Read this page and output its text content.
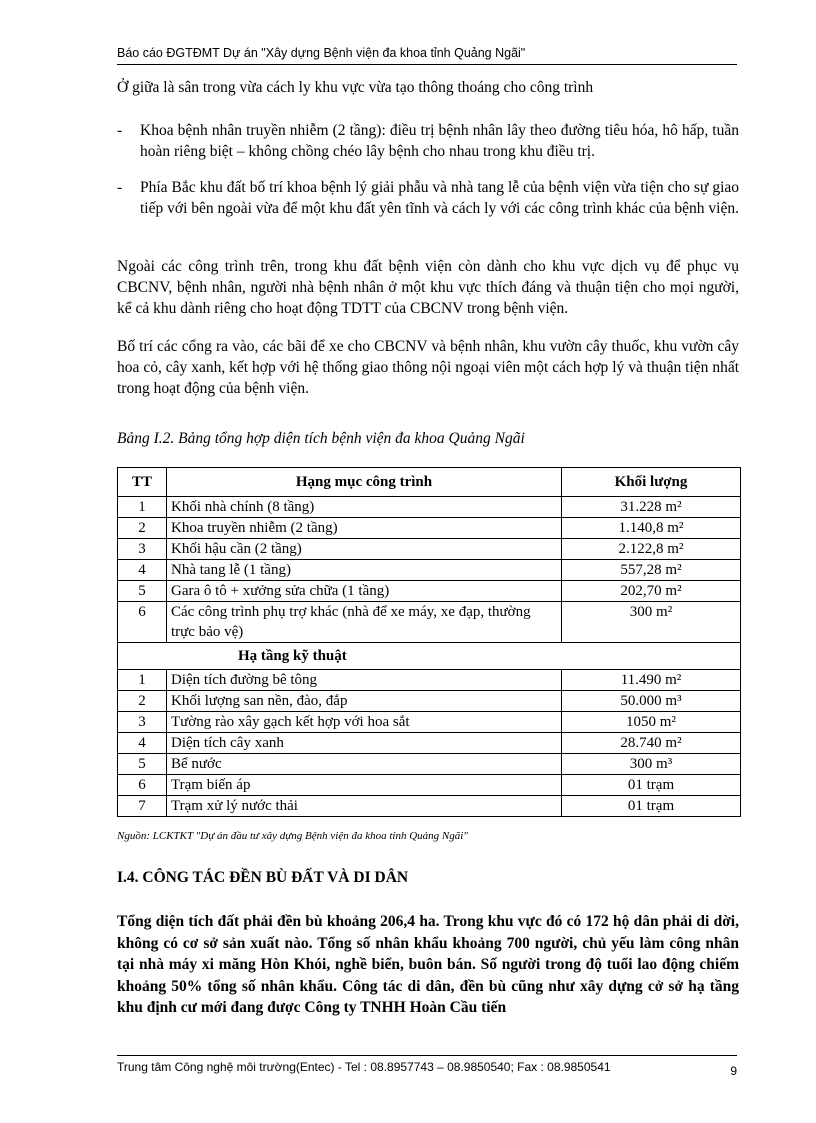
Báo cáo ĐGTĐMT Dự án "Xây dựng Bệnh viện đa khoa tỉnh Quảng Ngãi"
Ở giữa là sân trong vừa cách ly khu vực vừa tạo thông thoáng cho công trình
- Khoa bệnh nhân truyền nhiễm (2 tầng): điều trị bệnh nhân lây theo đường tiêu hóa, hô hấp, tuần hoàn riêng biệt – không chồng chéo lây bệnh cho nhau trong khu điều trị.
- Phía Bắc khu đất bố trí khoa bệnh lý giải phẫu và nhà tang lễ của bệnh viện vừa tiện cho sự giao tiếp với bên ngoài vừa để một khu đất yên tĩnh và cách ly với các công trình khác của bệnh viện.
Ngoài các công trình trên, trong khu đất bệnh viện còn dành cho khu vực dịch vụ để phục vụ CBCNV, bệnh nhân, người nhà bệnh nhân ở một khu vực thích đáng và thuận tiện cho mọi người, kể cả khu dành riêng cho hoạt động TDTT của CBCNV trong bệnh viện.
Bố trí các cổng ra vào, các bãi để xe cho CBCNV và bệnh nhân, khu vườn cây thuốc, khu vườn cây hoa cỏ, cây xanh, kết hợp với hệ thống giao thông nội ngoại viên một cách hợp lý và thuận tiện nhất trong hoạt động của bệnh viện.
Bảng I.2. Bảng tổng hợp diện tích bệnh viện đa khoa Quảng Ngãi
TT	Hạng mục công trình	Khối lượng
1	Khối nhà chính (8 tầng)	31.228 m²
2	Khoa truyền nhiễm (2 tầng)	1.140,8 m²
3	Khối hậu cần (2 tầng)	2.122,8 m²
4	Nhà tang lễ (1 tầng)	557,28 m²
5	Gara ô tô + xưởng sửa chữa (1 tầng)	202,70 m²
6	Các công trình phụ trợ khác (nhà để xe máy, xe đạp, thường trực bảo vệ)	300 m²
Hạ tầng kỹ thuật		
1	Diện tích đường bê tông	11.490 m²
2	Khối lượng san nền, đào, đắp	50.000 m³
3	Tường rào xây gạch kết hợp với hoa sắt	1050 m²
4	Diện tích cây xanh	28.740 m²
5	Bể nước	300 m³
6	Trạm biến áp	01 trạm
7	Trạm xử lý nước thải	01 trạm
Nguồn: LCKTKT "Dự án đầu tư xây dựng Bệnh viện đa khoa tỉnh Quảng Ngãi"
I.4. CÔNG TÁC ĐỀN BÙ ĐẤT VÀ DI DÂN
Tổng diện tích đất phải đền bù khoảng 206,4 ha. Trong khu vực đó có 172 hộ dân phải di dời, không có cơ sở sản xuất nào. Tổng số nhân khẩu khoảng 700 người, chủ yếu làm công nhân tại nhà máy xi măng Hòn Khói, nghề biển, buôn bán. Số người trong độ tuổi lao động chiếm khoảng 50% tổng số nhân khẩu. Công tác di dân, đền bù cũng như xây dựng cở sở hạ tầng khu định cư mới đang được Công ty TNHH Hoàn Cầu tiến
Trung tâm Công nghệ môi trường(Entec) - Tel : 08.8957743 – 08.9850540; Fax : 08.9850541	9
